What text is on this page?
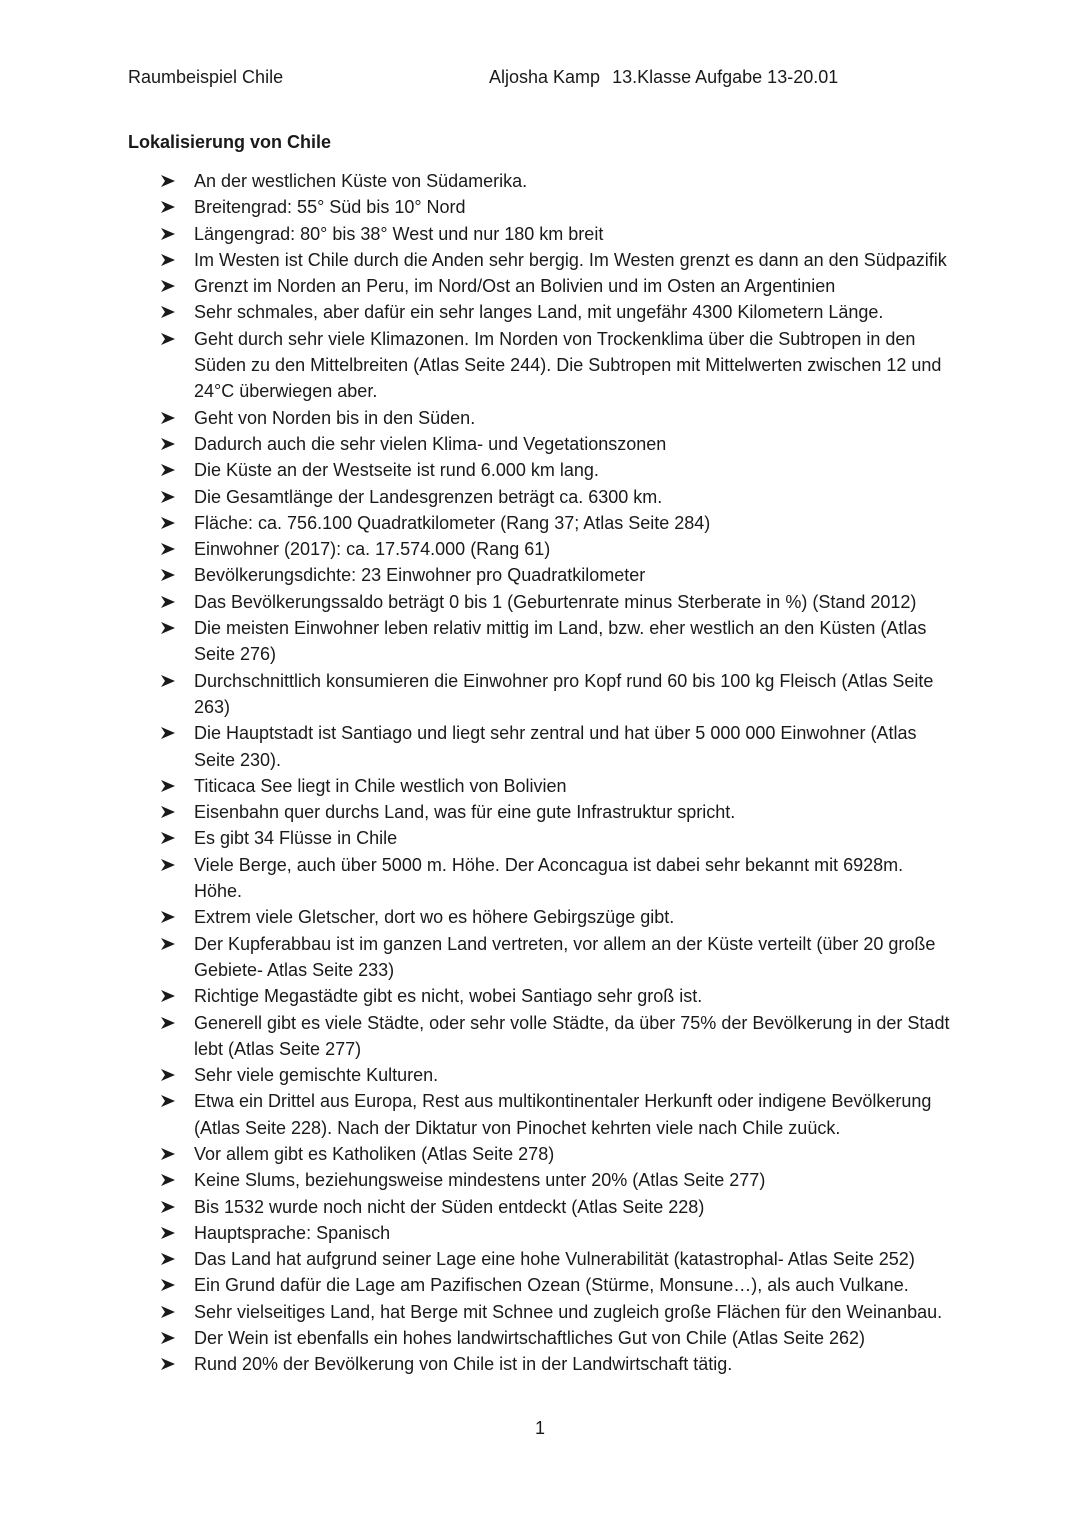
Raumbeispiel Chile	Aljosha Kamp 13.Klasse Aufgabe 13-20.01
Lokalisierung von Chile
An der westlichen Küste von Südamerika.
Breitengrad: 55° Süd bis 10° Nord
Längengrad: 80° bis 38° West und nur 180 km breit
Im Westen ist Chile durch die Anden sehr bergig. Im Westen grenzt es dann an den Südpazifik
Grenzt im Norden an Peru, im Nord/Ost an Bolivien und im Osten an Argentinien
Sehr schmales, aber dafür ein sehr langes Land, mit ungefähr 4300 Kilometern Länge.
Geht durch sehr viele Klimazonen. Im Norden von Trockenklima über die Subtropen in den Süden zu den Mittelbreiten (Atlas Seite 244). Die Subtropen mit Mittelwerten zwischen 12 und 24°C überwiegen aber.
Geht von Norden bis in den Süden.
Dadurch auch die sehr vielen Klima- und Vegetationszonen
Die Küste an der Westseite ist rund 6.000 km lang.
Die Gesamtlänge der Landesgrenzen beträgt ca. 6300 km.
Fläche: ca. 756.100 Quadratkilometer (Rang 37; Atlas Seite 284)
Einwohner (2017): ca. 17.574.000 (Rang 61)
Bevölkerungsdichte: 23 Einwohner pro Quadratkilometer
Das Bevölkerungssaldo beträgt 0 bis 1 (Geburtenrate minus Sterberate in %) (Stand 2012)
Die meisten Einwohner leben relativ mittig im Land, bzw. eher westlich an den Küsten (Atlas Seite 276)
Durchschnittlich konsumieren die Einwohner pro Kopf rund 60 bis 100 kg Fleisch (Atlas Seite 263)
Die Hauptstadt ist Santiago und liegt sehr zentral und hat über 5 000 000 Einwohner (Atlas Seite 230).
Titicaca See liegt in Chile westlich von Bolivien
Eisenbahn quer durchs Land, was für eine gute Infrastruktur spricht.
Es gibt 34 Flüsse in Chile
Viele Berge, auch über 5000 m. Höhe. Der Aconcagua ist dabei sehr bekannt mit 6928m. Höhe.
Extrem viele Gletscher, dort wo es höhere Gebirgszüge gibt.
Der Kupferabbau ist im ganzen Land vertreten, vor allem an der Küste verteilt (über 20 große Gebiete- Atlas Seite 233)
Richtige Megastädte gibt es nicht, wobei Santiago sehr groß ist.
Generell gibt es viele Städte, oder sehr volle Städte, da über 75% der Bevölkerung in der Stadt lebt (Atlas Seite 277)
Sehr viele gemischte Kulturen.
Etwa ein Drittel aus Europa, Rest aus multikontinentaler Herkunft oder indigene Bevölkerung (Atlas Seite 228). Nach der Diktatur von Pinochet kehrten viele nach Chile zuück.
Vor allem gibt es Katholiken (Atlas Seite 278)
Keine Slums, beziehungsweise mindestens unter 20% (Atlas Seite 277)
Bis 1532 wurde noch nicht der Süden entdeckt (Atlas Seite 228)
Hauptsprache: Spanisch
Das Land hat aufgrund seiner Lage eine hohe Vulnerabilität (katastrophal- Atlas Seite 252)
Ein Grund dafür die Lage am Pazifischen Ozean (Stürme, Monsune…), als auch Vulkane.
Sehr vielseitiges Land, hat Berge mit Schnee und zugleich große Flächen für den Weinanbau.
Der Wein ist ebenfalls ein hohes landwirtschaftliches Gut von Chile (Atlas Seite 262)
Rund 20% der Bevölkerung von Chile ist in der Landwirtschaft tätig.
1
